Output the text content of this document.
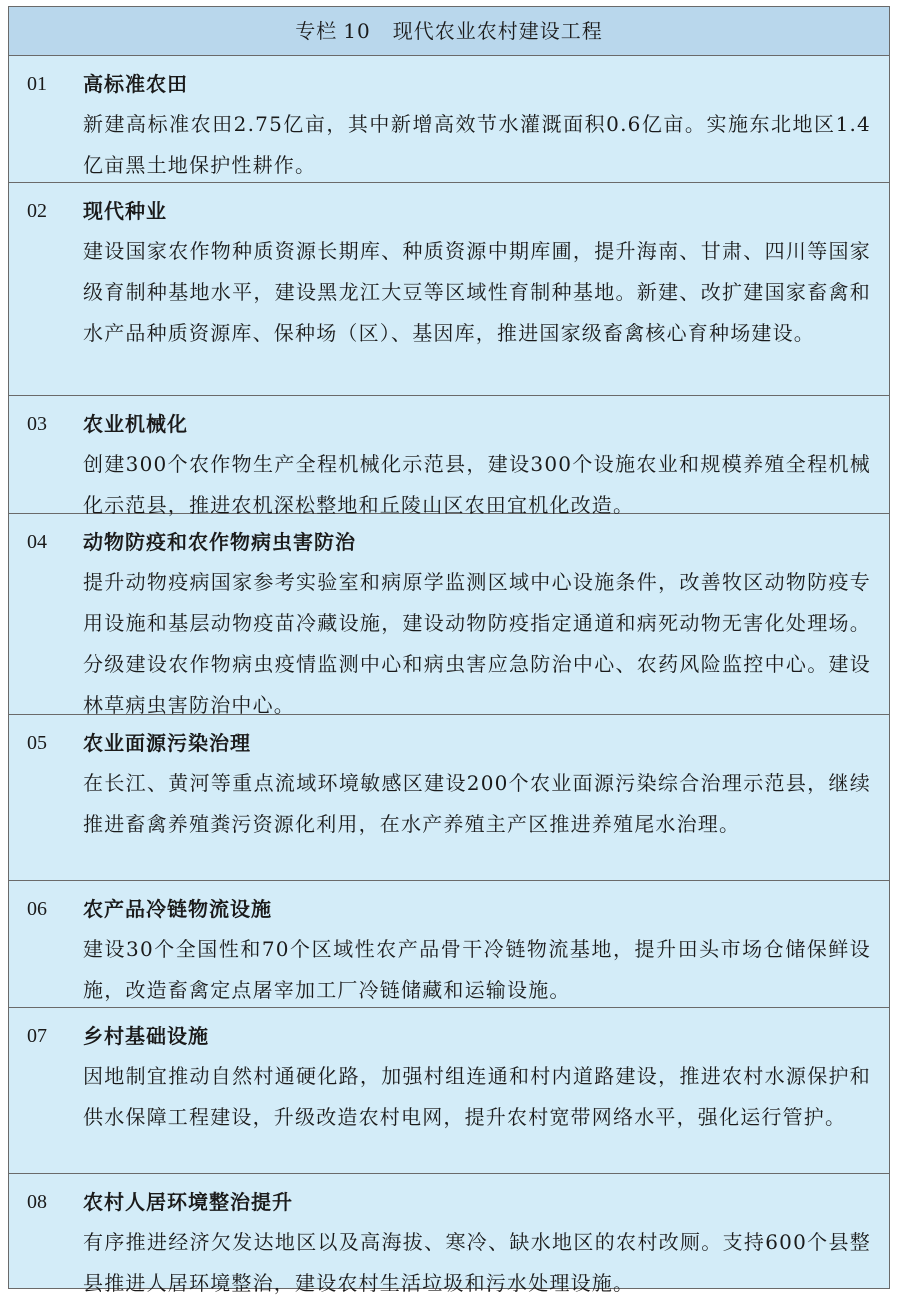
专栏 10 现代农业农村建设工程
01	高标准农田
新建高标准农田2.75亿亩，其中新增高效节水灌溉面积0.6亿亩。实施东北地区1.4亿亩黑土地保护性耕作。
02	现代种业
建设国家农作物种质资源长期库、种质资源中期库圃，提升海南、甘肃、四川等国家级育制种基地水平，建设黑龙江大豆等区域性育制种基地。新建、改扩建国家畜禽和水产品种质资源库、保种场（区）、基因库，推进国家级畜禽核心育种场建设。
03	农业机械化
创建300个农作物生产全程机械化示范县，建设300个设施农业和规模养殖全程机械化示范县，推进农机深松整地和丘陵山区农田宜机化改造。
04	动物防疫和农作物病虫害防治
提升动物疫病国家参考实验室和病原学监测区域中心设施条件，改善牧区动物防疫专用设施和基层动物疫苗冷藏设施，建设动物防疫指定通道和病死动物无害化处理场。分级建设农作物病虫疫情监测中心和病虫害应急防治中心、农药风险监控中心。建设林草病虫害防治中心。
05	农业面源污染治理
在长江、黄河等重点流域环境敏感区建设200个农业面源污染综合治理示范县，继续推进畜禽养殖粪污资源化利用，在水产养殖主产区推进养殖尾水治理。
06	农产品冷链物流设施
建设30个全国性和70个区域性农产品骨干冷链物流基地，提升田头市场仓储保鲜设施，改造畜禽定点屠宰加工厂冷链储藏和运输设施。
07	乡村基础设施
因地制宜推动自然村通硬化路，加强村组连通和村内道路建设，推进农村水源保护和供水保障工程建设，升级改造农村电网，提升农村宽带网络水平，强化运行管护。
08	农村人居环境整治提升
有序推进经济欠发达地区以及高海拔、寒冷、缺水地区的农村改厕。支持600个县整县推进人居环境整治，建设农村生活垃圾和污水处理设施。
